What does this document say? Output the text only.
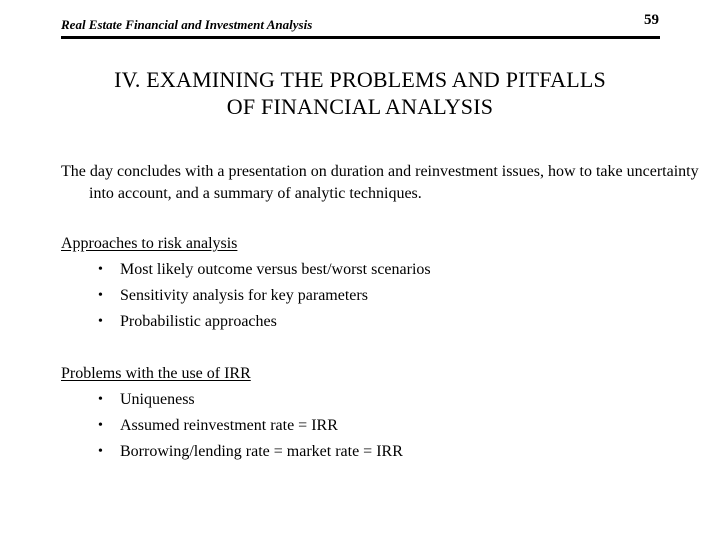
Real Estate Financial and Investment Analysis	59
IV. EXAMINING THE PROBLEMS AND PITFALLS
OF FINANCIAL ANALYSIS

The day concludes with a presentation on duration and reinvestment issues, how to take uncertainty into account, and a summary of analytic techniques.

Approaches to risk analysis
• Most likely outcome versus best/worst scenarios
• Sensitivity analysis for key parameters
• Probabilistic approaches
Problems with the use of IRR
• Uniqueness
• Assumed reinvestment rate = IRR
• Borrowing/lending rate = market rate = IRR
